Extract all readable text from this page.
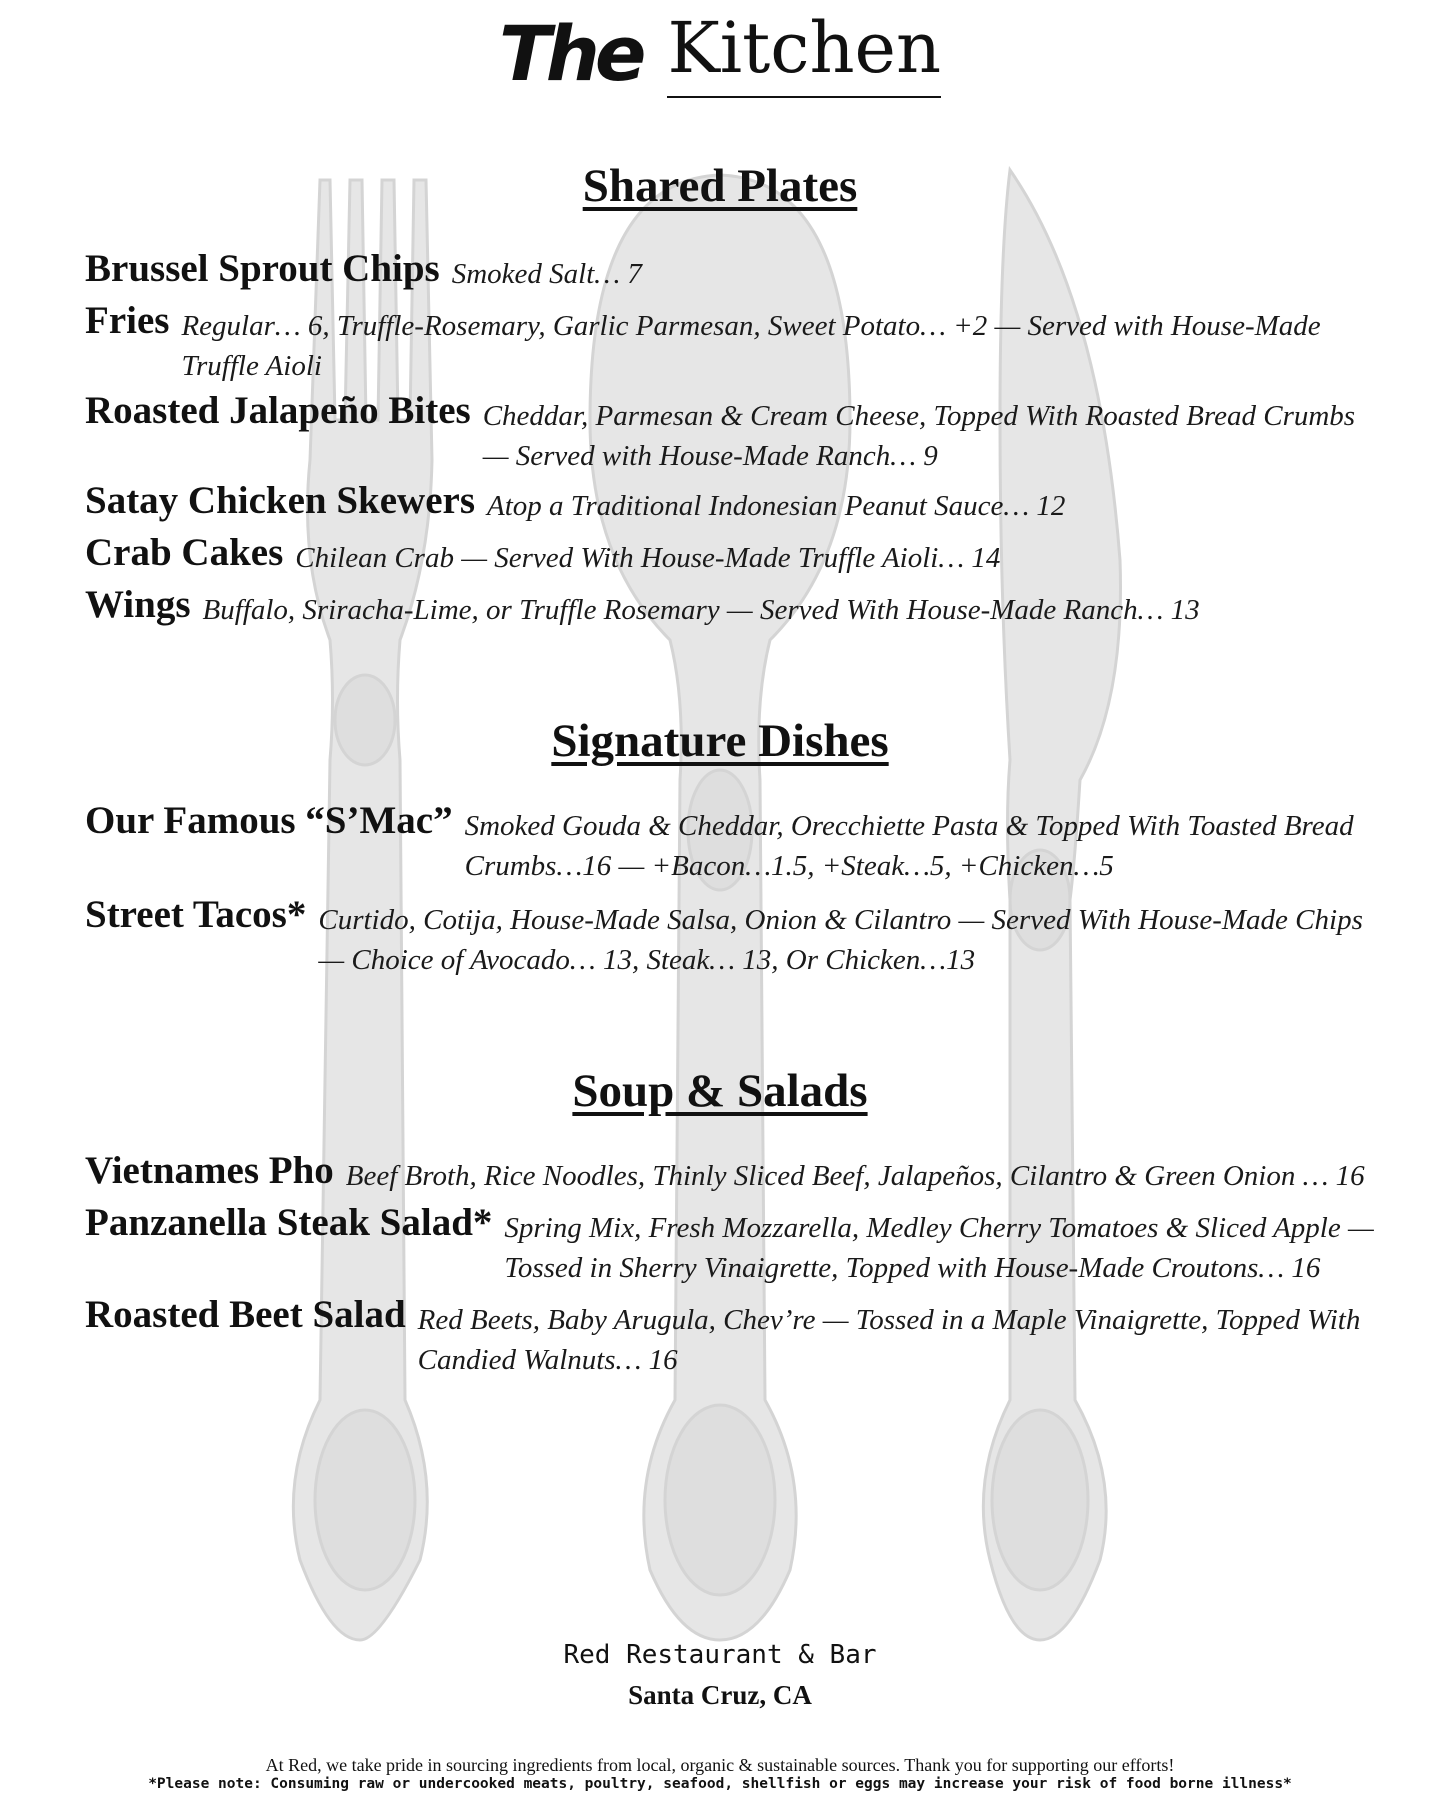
The Kitchen
Shared Plates
Brussel Sprout Chips Smoked Salt… 7
Fries Regular… 6, Truffle-Rosemary, Garlic Parmesan, Sweet Potato… +2 — Served with House-Made Truffle Aioli
Roasted Jalapeño Bites Cheddar, Parmesan & Cream Cheese, Topped With Roasted Bread Crumbs — Served with House-Made Ranch… 9
Satay Chicken Skewers Atop a Traditional Indonesian Peanut Sauce… 12
Crab Cakes Chilean Crab — Served With House-Made Truffle Aioli… 14
Wings Buffalo, Sriracha-Lime, or Truffle Rosemary — Served With House-Made Ranch… 13
Signature Dishes
Our Famous “S’Mac” Smoked Gouda & Cheddar, Orecchiette Pasta & Topped With Toasted Bread Crumbs…16 — +Bacon…1.5, +Steak…5, +Chicken…5
Street Tacos* Curtido, Cotija, House-Made Salsa, Onion & Cilantro — Served With House-Made Chips — Choice of Avocado… 13, Steak… 13, Or Chicken…13
Soup & Salads
Vietnames Pho Beef Broth, Rice Noodles, Thinly Sliced Beef, Jalapeños, Cilantro & Green Onion … 16
Panzanella Steak Salad* Spring Mix, Fresh Mozzarella, Medley Cherry Tomatoes & Sliced Apple — Tossed in Sherry Vinaigrette, Topped with House-Made Croutons… 16
Roasted Beet Salad Red Beets, Baby Arugula, Chev’re — Tossed in a Maple Vinaigrette, Topped With Candied Walnuts… 16
Red Restaurant & Bar
Santa Cruz, CA
At Red, we take pride in sourcing ingredients from local, organic & sustainable sources. Thank you for supporting our efforts!
*Please note: Consuming raw or undercooked meats, poultry, seafood, shellfish or eggs may increase your risk of food borne illness*
